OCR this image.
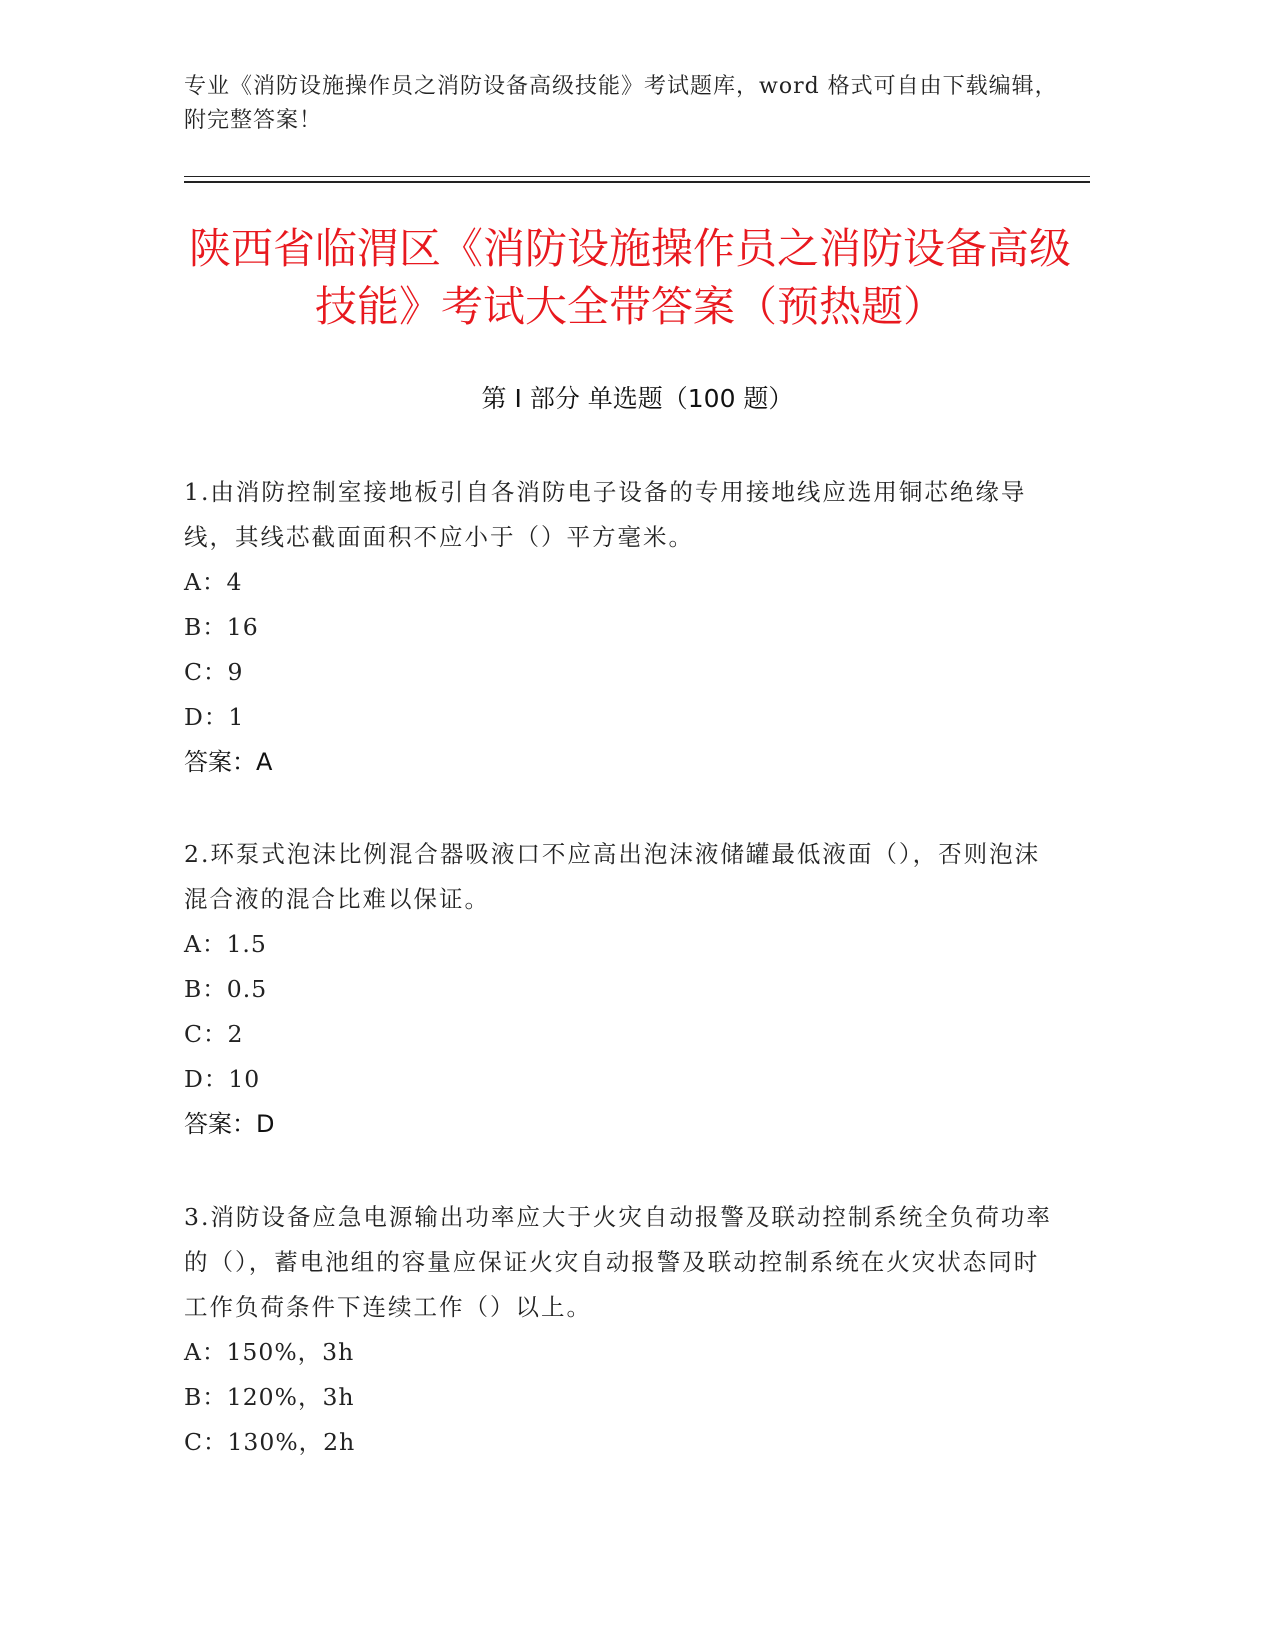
专业《消防设施操作员之消防设备高级技能》考试题库，word 格式可自由下载编辑，附完整答案！
陕西省临渭区《消防设施操作员之消防设备高级技能》考试大全带答案（预热题）
第 I 部分 单选题（100 题）

1.由消防控制室接地板引自各消防电子设备的专用接地线应选用铜芯绝缘导线，其线芯截面面积不应小于（）平方毫米。

A：4

B：16

C：9

D：1

答案：A

2.环泵式泡沫比例混合器吸液口不应高出泡沫液储罐最低液面（），否则泡沫混合液的混合比难以保证。

A：1.5

B：0.5

C：2

D：10

答案：D

3.消防设备应急电源输出功率应大于火灾自动报警及联动控制系统全负荷功率的（），蓄电池组的容量应保证火灾自动报警及联动控制系统在火灾状态同时工作负荷条件下连续工作（）以上。

A：150%，3h

B：120%，3h

C：130%，2h
